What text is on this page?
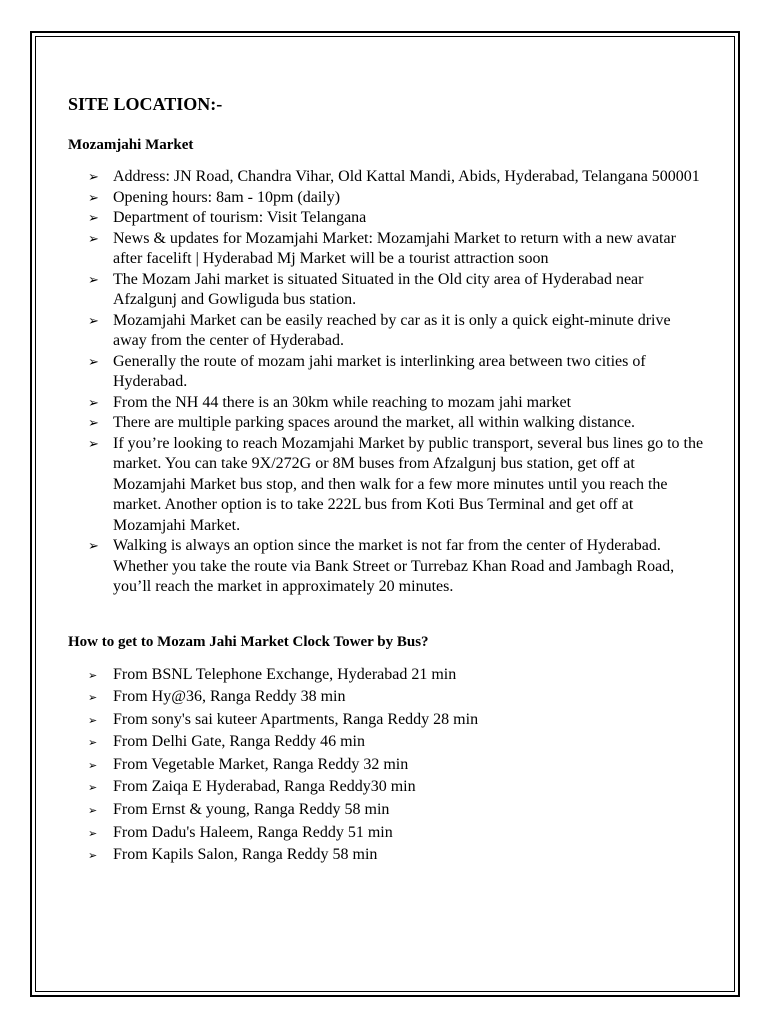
SITE LOCATION:-
Mozamjahi Market
➢ Address: JN Road, Chandra Vihar, Old Kattal Mandi, Abids, Hyderabad, Telangana 500001
➢ Opening hours: 8am - 10pm (daily)
➢ Department of tourism: Visit Telangana
➢ News & updates for Mozamjahi Market: Mozamjahi Market to return with a new avatar after facelift | Hyderabad Mj Market will be a tourist attraction soon
➢ The Mozam Jahi market is situated Situated in the Old city area of Hyderabad near Afzalgunj and Gowliguda bus station.
➢ Mozamjahi Market can be easily reached by car as it is only a quick eight-minute drive away from the center of Hyderabad.
➢ Generally the route of mozam jahi market is interlinking area between two cities of Hyderabad.
➢ From the NH 44 there is an 30km while reaching to mozam jahi market
➢ There are multiple parking spaces around the market, all within walking distance.
➢ If you’re looking to reach Mozamjahi Market by public transport, several bus lines go to the market. You can take 9X/272G or 8M buses from Afzalgunj bus station, get off at Mozamjahi Market bus stop, and then walk for a few more minutes until you reach the market. Another option is to take 222L bus from Koti Bus Terminal and get off at Mozamjahi Market.
➢ Walking is always an option since the market is not far from the center of Hyderabad. Whether you take the route via Bank Street or Turrebaz Khan Road and Jambagh Road, you’ll reach the market in approximately 20 minutes.
How to get to Mozam Jahi Market Clock Tower by Bus?
➢ From BSNL Telephone Exchange, Hyderabad 21 min
➢ From Hy@36, Ranga Reddy 38 min
➢ From sony's sai kuteer Apartments, Ranga Reddy 28 min
➢ From Delhi Gate, Ranga Reddy 46 min
➢ From Vegetable Market, Ranga Reddy 32 min
➢ From Zaiqa E Hyderabad, Ranga Reddy30 min
➢ From Ernst & young, Ranga Reddy 58 min
➢ From Dadu's Haleem, Ranga Reddy 51 min
➢ From Kapils Salon, Ranga Reddy 58 min
